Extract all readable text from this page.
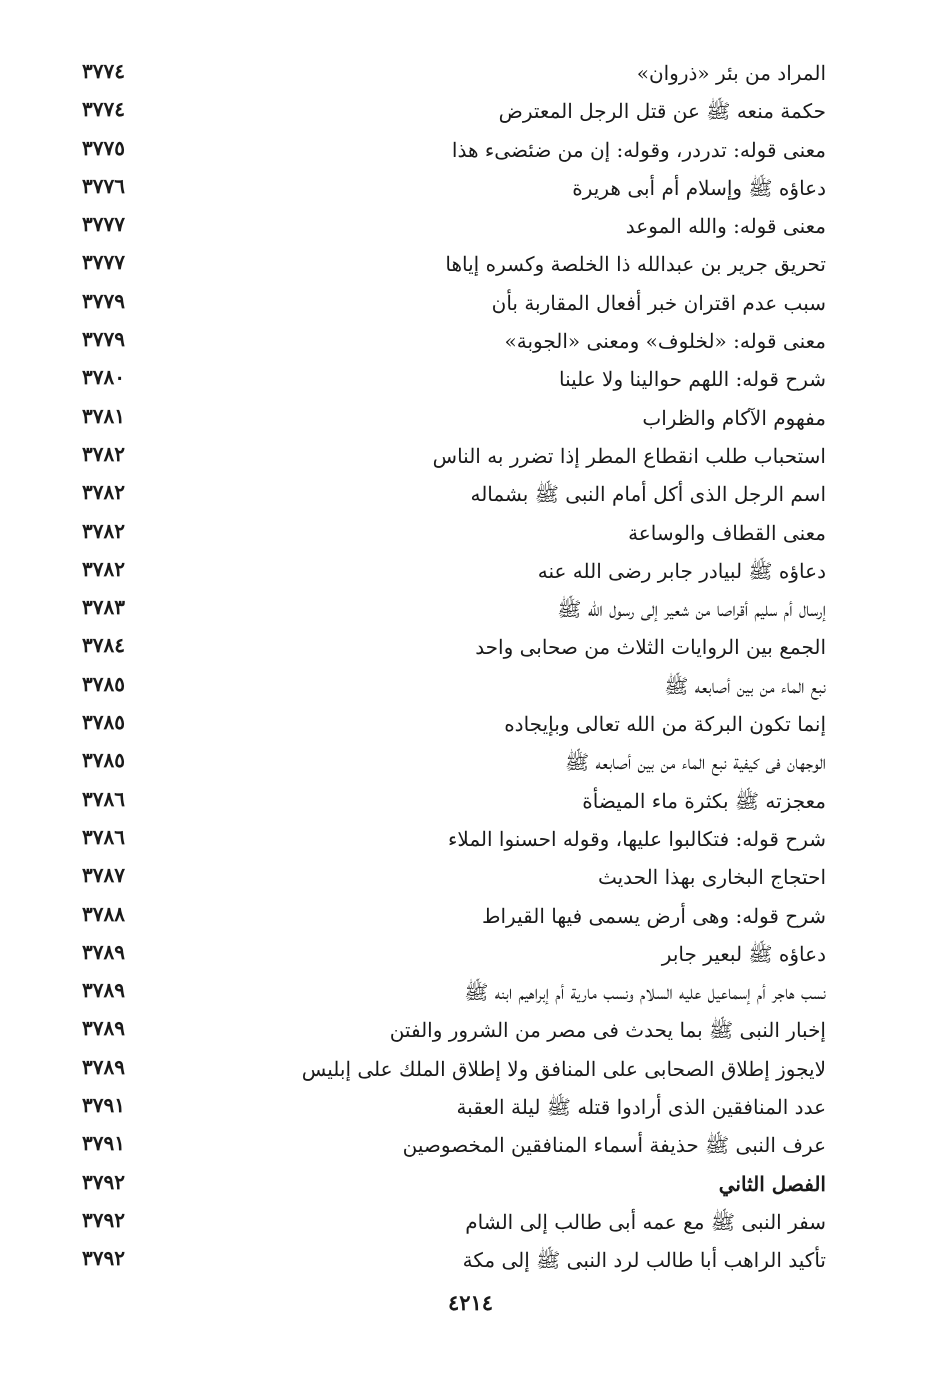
المراد من بئر «ذروان»
٣٧٧٤
حكمة منعه ﷺ عن قتل الرجل المعترض
٣٧٧٤
معنى قوله: تدردر، وقوله: إن من ضئضىء هذا
٣٧٧٥
دعاؤه ﷺ وإسلام أم أبى هريرة
٣٧٧٦
معنى قوله: والله الموعد
٣٧٧٧
تحريق جرير بن عبدالله ذا الخلصة وكسره إياها
٣٧٧٧
سبب عدم اقتران خبر أفعال المقاربة بأن
٣٧٧٩
معنى قوله: «لخلوف» ومعنى «الجوبة»
٣٧٧٩
شرح قوله: اللهم حوالينا ولا علينا
٣٧٨٠
مفهوم الآكام والظراب
٣٧٨١
استحباب طلب انقطاع المطر إذا تضرر به الناس
٣٧٨٢
اسم الرجل الذى أكل أمام النبى ﷺ بشماله
٣٧٨٢
معنى القطاف والوساعة
٣٧٨٢
دعاؤه ﷺ لبيادر جابر رضى الله عنه
٣٧٨٢
إرسال أم سليم أقراصا من شعير إلى رسول الله ﷺ
٣٧٨٣
الجمع بين الروايات الثلاث من صحابى واحد
٣٧٨٤
نبع الماء من بين أصابعه ﷺ
٣٧٨٥
إنما تكون البركة من الله تعالى وبإيجاده
٣٧٨٥
الوجهان فى كيفية نبع الماء من بين أصابعه ﷺ
٣٧٨٥
معجزته ﷺ بكثرة ماء الميضأة
٣٧٨٦
شرح قوله: فتكالبوا عليها، وقوله احسنوا الملاء
٣٧٨٦
احتجاج البخارى بهذا الحديث
٣٧٨٧
شرح قوله: وهى أرض يسمى فيها القيراط
٣٧٨٨
دعاؤه ﷺ لبعير جابر
٣٧٨٩
نسب هاجر أم إسماعيل عليه السلام ونسب مارية أم إبراهيم ابنه ﷺ
٣٧٨٩
إخبار النبى ﷺ بما يحدث فى مصر من الشرور والفتن
٣٧٨٩
لايجوز إطلاق الصحابى على المنافق ولا إطلاق الملك على إبليس
٣٧٨٩
عدد المنافقين الذى أرادوا قتله ﷺ ليلة العقبة
٣٧٩١
عرف النبى ﷺ حذيفة أسماء المنافقين المخصوصين
٣٧٩١
الفصل الثاني
٣٧٩٢
سفر النبى ﷺ مع عمه أبى طالب إلى الشام
٣٧٩٢
تأكيد الراهب أبا طالب لرد النبى ﷺ إلى مكة
٣٧٩٢
٤٢١٤
